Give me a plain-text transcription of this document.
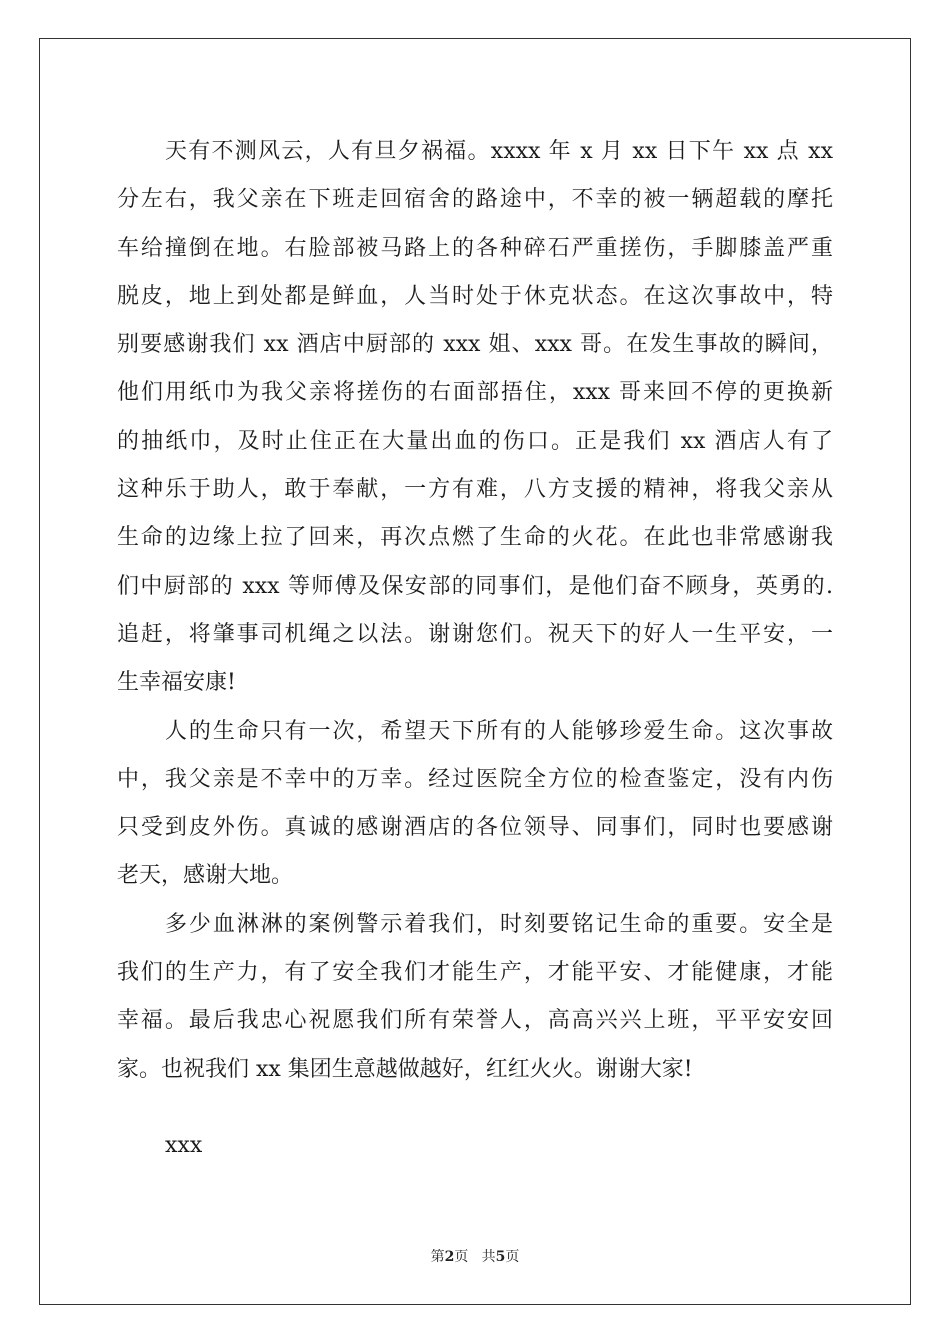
天有不测风云，人有旦夕祸福。xxxx 年 x 月 xx 日下午 xx 点 xx
分左右，我父亲在下班走回宿舍的路途中，不幸的被一辆超载的摩托
车给撞倒在地。右脸部被马路上的各种碎石严重搓伤，手脚膝盖严重
脱皮，地上到处都是鲜血，人当时处于休克状态。在这次事故中，特
别要感谢我们 xx 酒店中厨部的 xxx 姐、xxx 哥。在发生事故的瞬间，
他们用纸巾为我父亲将搓伤的右面部捂住，xxx 哥来回不停的更换新
的抽纸巾，及时止住正在大量出血的伤口。正是我们 xx 酒店人有了
这种乐于助人，敢于奉献，一方有难，八方支援的精神，将我父亲从
生命的边缘上拉了回来，再次点燃了生命的火花。在此也非常感谢我
们中厨部的 xxx 等师傅及保安部的同事们，是他们奋不顾身，英勇的.
追赶，将肇事司机绳之以法。谢谢您们。祝天下的好人一生平安，一
生幸福安康!
人的生命只有一次，希望天下所有的人能够珍爱生命。这次事故
中，我父亲是不幸中的万幸。经过医院全方位的检查鉴定，没有内伤
只受到皮外伤。真诚的感谢酒店的各位领导、同事们，同时也要感谢
老天，感谢大地。
多少血淋淋的案例警示着我们，时刻要铭记生命的重要。安全是
我们的生产力，有了安全我们才能生产，才能平安、才能健康，才能
幸福。最后我忠心祝愿我们所有荣誉人，高高兴兴上班，平平安安回
家。也祝我们 xx 集团生意越做越好，红红火火。谢谢大家!
xxx
第2页 共5页
